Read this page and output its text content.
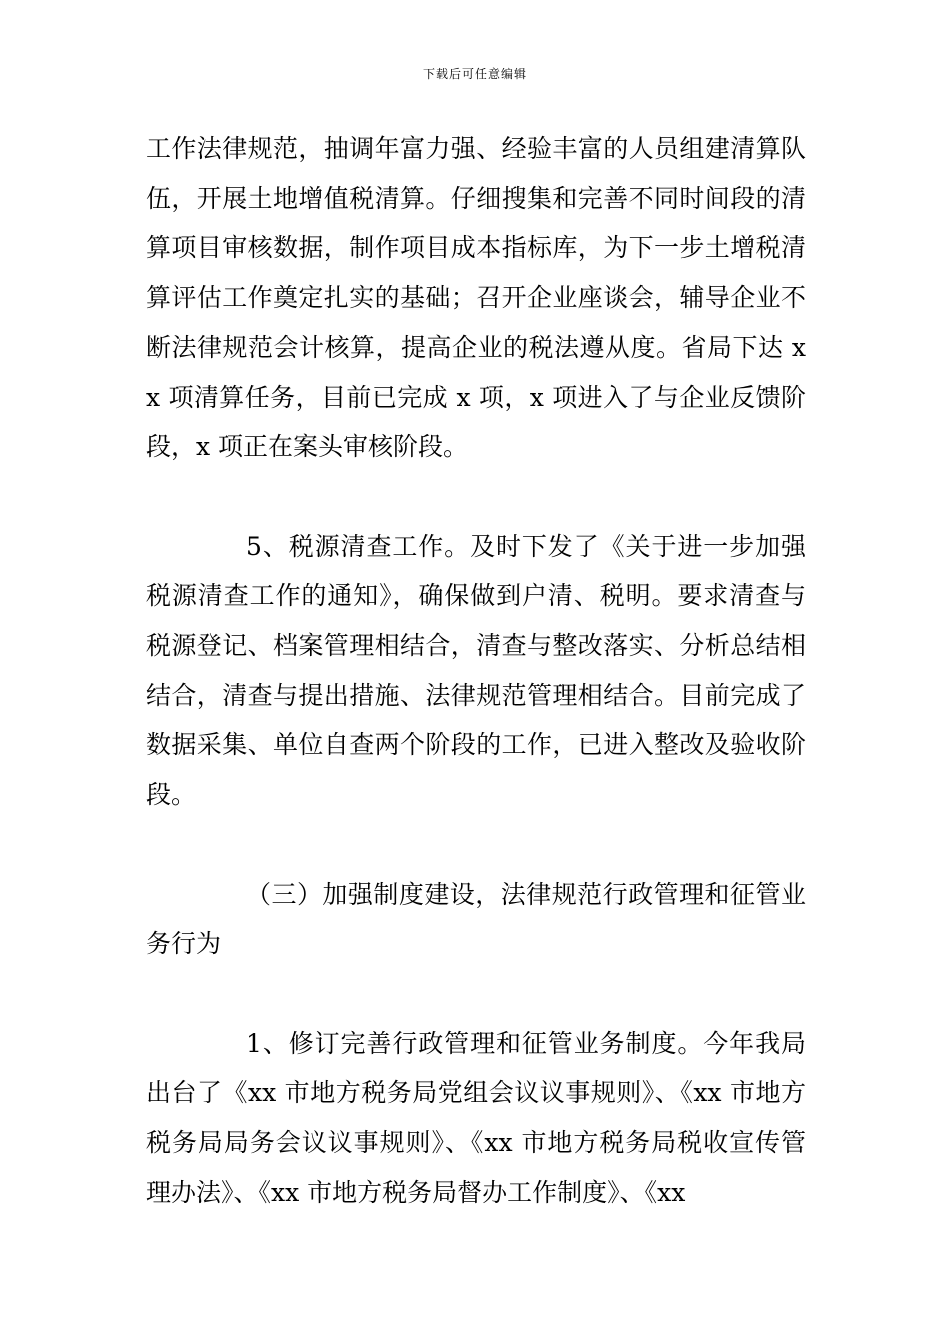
下载后可任意编辑

工作法律规范，抽调年富力强、经验丰富的人员组建清算队伍，开展土地增值税清算。仔细搜集和完善不同时间段的清算项目审核数据，制作项目成本指标库，为下一步土增税清算评估工作奠定扎实的基础；召开企业座谈会，辅导企业不断法律规范会计核算，提高企业的税法遵从度。省局下达 xx 项清算任务，目前已完成 x 项，x 项进入了与企业反馈阶段，x 项正在案头审核阶段。

5、税源清查工作。及时下发了《关于进一步加强税源清查工作的通知》，确保做到户清、税明。要求清查与税源登记、档案管理相结合，清查与整改落实、分析总结相结合，清查与提出措施、法律规范管理相结合。目前完成了数据采集、单位自查两个阶段的工作，已进入整改及验收阶段。

（三）加强制度建设，法律规范行政管理和征管业务行为

1、修订完善行政管理和征管业务制度。今年我局出台了《xx 市地方税务局党组会议议事规则》、《xx 市地方税务局局务会议议事规则》、《xx 市地方税务局税收宣传管理办法》、《xx 市地方税务局督办工作制度》、《xx
